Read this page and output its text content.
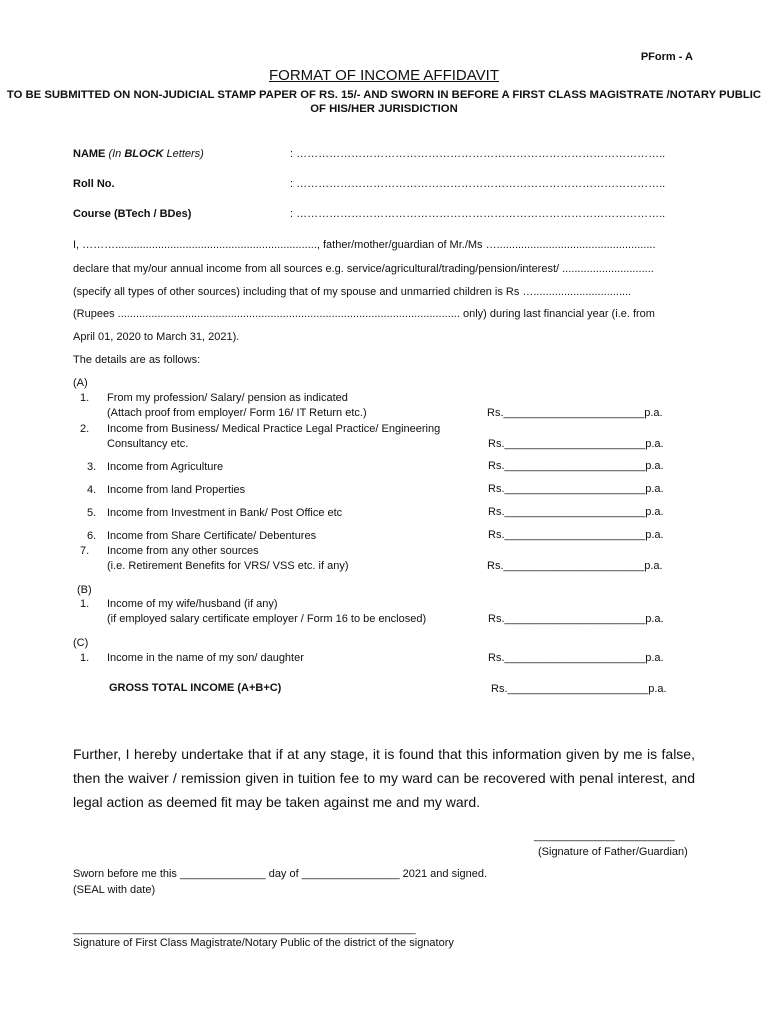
PForm - A
FORMAT OF INCOME AFFIDAVIT
TO BE SUBMITTED ON NON-JUDICIAL STAMP PAPER OF RS. 15/- AND SWORN IN BEFORE A FIRST CLASS MAGISTRATE /NOTARY PUBLIC OF HIS/HER JURISDICTION
NAME (In BLOCK Letters)	: ………………………………………………………………………………………..
Roll No.	: ………………………………………………………………………………………..
Course (BTech / BDes)	: ………………………………………………………………………………………..
I, ……….................................................................., father/mother/guardian of Mr./Ms …....................................................
declare that my/our annual income from all sources e.g. service/agricultural/trading/pension/interest/ ..............................
(specify all types of other sources) including that of my spouse and unmarried children is Rs …................................
(Rupees ................................................................................................................ only) during last financial year (i.e. from
April 01, 2020 to March 31, 2021).
The details are as follows:
(A)
1. From my profession/ Salary/ pension as indicated
(Attach proof from employer/ Form 16/ IT Return etc.)	Rs._______________________p.a.
2. Income from Business/ Medical Practice Legal Practice/ Engineering
Consultancy etc.	Rs._______________________p.a.
3. Income from Agriculture	Rs._______________________p.a.
4. Income from land Properties	Rs._______________________p.a.
5. Income from Investment in Bank/ Post Office etc	Rs._______________________p.a.
6. Income from Share Certificate/ Debentures	Rs._______________________p.a.
7. Income from any other sources
(i.e. Retirement Benefits for VRS/ VSS etc. if any)	Rs._______________________p.a.
(B)
1. Income of my wife/husband (if any)
(if employed salary certificate employer / Form 16 to be enclosed)	Rs._______________________p.a.
(C)
1. Income in the name of my son/ daughter	Rs._______________________p.a.
GROSS TOTAL INCOME (A+B+C)	Rs._______________________p.a.
Further, I hereby undertake that if at any stage, it is found that this information given by me is false, then the waiver / remission given in tuition fee to my ward can be recovered with penal interest, and legal action as deemed fit may be taken against me and my ward.
_______________________
(Signature of Father/Guardian)
Sworn before me this ______________ day of ________________ 2021 and signed.
(SEAL with date)
________________________________________________________
Signature of First Class Magistrate/Notary Public of the district of the signatory
